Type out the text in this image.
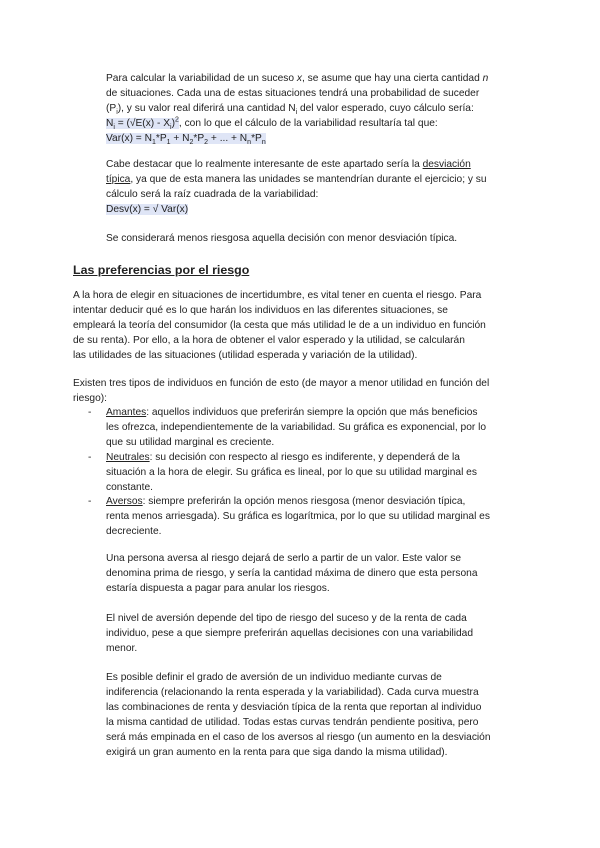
Para calcular la variabilidad de un suceso x, se asume que hay una cierta cantidad n
de situaciones. Cada una de estas situaciones tendrá una probabilidad de suceder
$(P_i)$, y su valor real diferirá una cantidad $N_i$ del valor esperado, cuyo cálculo sería:
$N_i = (√E(x) - X_i)^2$, con lo que el cálculo de la variabilidad resultaría tal que:
$Var(x) = N_1*P_1 + N_2*P_2$ + ... + $N_n*P_n$
Cabe destacar que lo realmente interesante de este apartado sería la desviación
típica, ya que de esta manera las unidades se mantendrían durante el ejercicio; y su
cálculo será la raíz cuadrada de la variabilidad:
Desv(x) = √ Var(x)
Se considerará menos riesgosa aquella decisión con menor desviación típica.
Las preferencias por el riesgo
A la hora de elegir en situaciones de incertidumbre, es vital tener en cuenta el riesgo. Para
intentar deducir qué es lo que harán los individuos en las diferentes situaciones, se
empleará la teoría del consumidor (la cesta que más utilidad le de a un individuo en función
de su renta). Por ello, a la hora de obtener el valor esperado y la utilidad, se calcularán
las utilidades de las situaciones (utilidad esperada y variación de la utilidad).
Existen tres tipos de individuos en función de esto (de mayor a menor utilidad en función del
riesgo):
- Amantes: aquellos individuos que preferirán siempre la opción que más beneficios
les ofrezca, independientemente de la variabilidad. Su gráfica es exponencial, por lo
que su utilidad marginal es creciente.
- Neutrales: su decisión con respecto al riesgo es indiferente, y dependerá de la
situación a la hora de elegir. Su gráfica es lineal, por lo que su utilidad marginal es
constante.
- Aversos: siempre preferirán la opción menos riesgosa (menor desviación típica,
renta menos arriesgada). Su gráfica es logarítmica, por lo que su utilidad marginal es
decreciente.
Una persona aversa al riesgo dejará de serlo a partir de un valor. Este valor se
denomina prima de riesgo, y sería la cantidad máxima de dinero que esta persona
estaría dispuesta a pagar para anular los riesgos.
El nivel de aversión depende del tipo de riesgo del suceso y de la renta de cada
individuo, pese a que siempre preferirán aquellas decisiones con una variabilidad
menor.
Es posible definir el grado de aversión de un individuo mediante curvas de
indiferencia (relacionando la renta esperada y la variabilidad). Cada curva muestra
las combinaciones de renta y desviación típica de la renta que reportan al individuo
la misma cantidad de utilidad. Todas estas curvas tendrán pendiente positiva, pero
será más empinada en el caso de los aversos al riesgo (un aumento en la desviación
exigirá un gran aumento en la renta para que siga dando la misma utilidad).
